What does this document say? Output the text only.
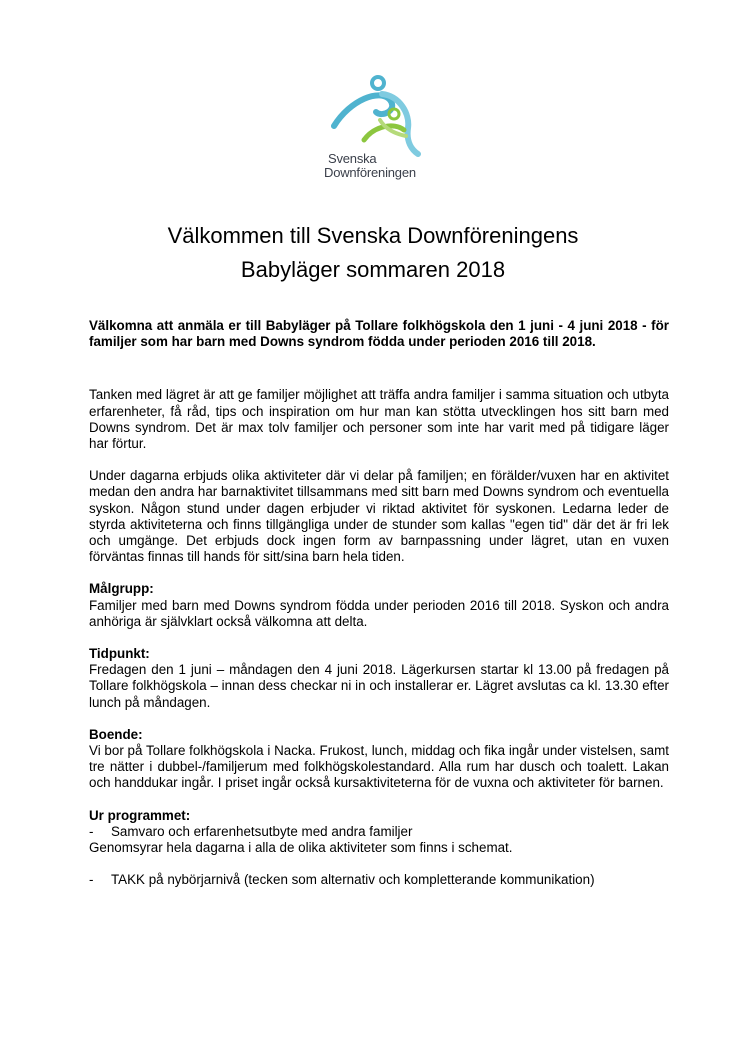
Svenska
Downföreningen
Välkommen till Svenska Downföreningens
Babyläger sommaren 2018

Välkomna att anmäla er till Babyläger på Tollare folkhögskola den 1 juni - 4 juni 2018 - för familjer som har barn med Downs syndrom födda under perioden 2016 till 2018.

Tanken med lägret är att ge familjer möjlighet att träffa andra familjer i samma situation och utbyta erfarenheter, få råd, tips och inspiration om hur man kan stötta utvecklingen hos sitt barn med Downs syndrom. Det är max tolv familjer och personer som inte har varit med på tidigare läger har förtur.

Under dagarna erbjuds olika aktiviteter där vi delar på familjen; en förälder/vuxen har en aktivitet medan den andra har barnaktivitet tillsammans med sitt barn med Downs syndrom och eventuella syskon. Någon stund under dagen erbjuder vi riktad aktivitet för syskonen. Ledarna leder de styrda aktiviteterna och finns tillgängliga under de stunder som kallas "egen tid" där det är fri lek och umgänge. Det erbjuds dock ingen form av barnpassning under lägret, utan en vuxen förväntas finnas till hands för sitt/sina barn hela tiden.

Målgrupp:

Familjer med barn med Downs syndrom födda under perioden 2016 till 2018. Syskon och andra anhöriga är självklart också välkomna att delta.

Tidpunkt:

Fredagen den 1 juni – måndagen den 4 juni 2018. Lägerkursen startar kl 13.00 på fredagen på Tollare folkhögskola – innan dess checkar ni in och installerar er. Lägret avslutas ca kl. 13.30 efter lunch på måndagen.

Boende:

Vi bor på Tollare folkhögskola i Nacka. Frukost, lunch, middag och fika ingår under vistelsen, samt tre nätter i dubbel-/familjerum med folkhögskolestandard. Alla rum har dusch och toalett. Lakan och handdukar ingår. I priset ingår också kursaktiviteterna för de vuxna och aktiviteter för barnen.

Ur programmet:
- Samvaro och erfarenhetsutbyte med andra familjer

Genomsyrar hela dagarna i alla de olika aktiviteter som finns i schemat.

- TAKK på nybörjarnivå (tecken som alternativ och kompletterande kommunikation)
